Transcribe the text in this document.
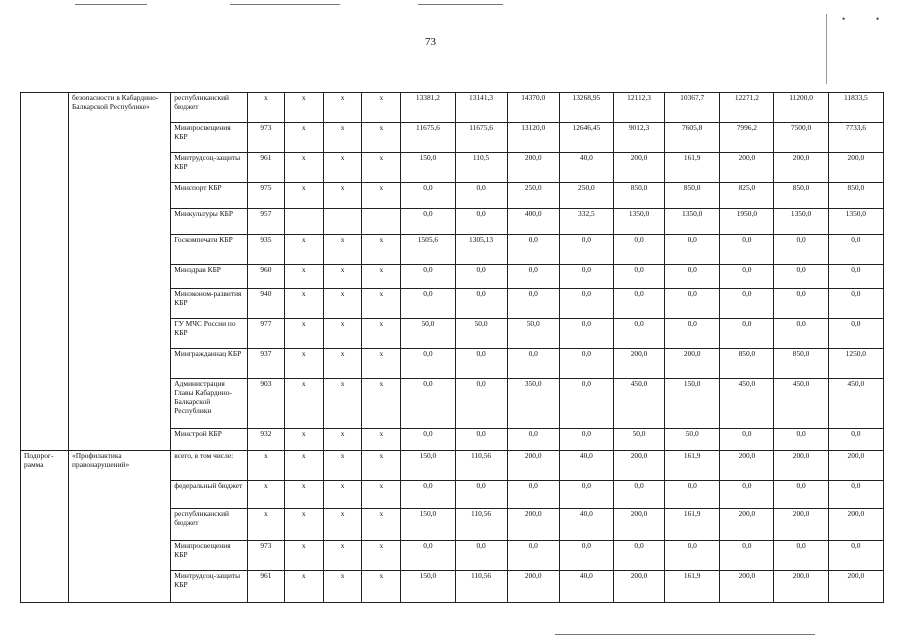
•	•
73
	безопасности в Кабардино-Балкарской Республике»	республиканский бюджет	x	x	x	x	13381,2	13141,3	14370,0	13268,95	12112,3	10367,7	12271,2	11200,0	11833,5
		Минпросвещения КБР	973	x	x	x	11675,6	11675,6	13120,0	12646,45	9012,3	7605,8	7996,2	7500,0	7733,6
		Минтрудсоц-защиты КБР	961	x	x	x	150,0	110,5	200,0	40,0	200,0	161,9	200,0	200,0	200,0
		Минспорт КБР	975	x	x	x	0,0	0,0	250,0	250,0	850,0	850,0	825,0	850,0	850,0
		Минкультуры КБР	957				0,0	0,0	400,0	332,5	1350,0	1350,0	1950,0	1350,0	1350,0
		Госкомпечати КБР	935	x	x	x	1505,6	1305,13	0,0	0,0	0,0	0,0	0,0	0,0	0,0
		Минздрав КБР	960	x	x	x	0,0	0,0	0,0	0,0	0,0	0,0	0,0	0,0	0,0
		Минэконом-развития КБР	940	x	x	x	0,0	0,0	0,0	0,0	0,0	0,0	0,0	0,0	0,0
		ГУ МЧС России по КБР	977	x	x	x	50,0	50,0	50,0	0,0	0,0	0,0	0,0	0,0	0,0
		Мингражданнац КБР	937	x	x	x	0,0	0,0	0,0	0,0	200,0	200,0	850,0	850,0	1250,0
		Администрация Главы Кабардино-Балкарской Республики	903	x	x	x	0,0	0,0	350,0	0,0	450,0	150,0	450,0	450,0	450,0
		Минстрой КБР	932	x	x	x	0,0	0,0	0,0	0,0	50,0	50,0	0,0	0,0	0,0
Подпрог-рамма	«Профилактика правонарушений»	всего, в том числе:	x	x	x	x	150,0	110,56	200,0	40,0	200,0	161,9	200,0	200,0	200,0
		федеральный бюджет	x	x	x	x	0,0	0,0	0,0	0,0	0,0	0,0	0,0	0,0	0,0
		республиканский бюджет	x	x	x	x	150,0	110,56	200,0	40,0	200,0	161,9	200,0	200,0	200,0
		Минпросвещения КБР	973	x	x	x	0,0	0,0	0,0	0,0	0,0	0,0	0,0	0,0	0,0
		Минтрудсоц-защиты КБР	961	x	x	x	150,0	110,56	200,0	40,0	200,0	161,9	200,0	200,0	200,0
